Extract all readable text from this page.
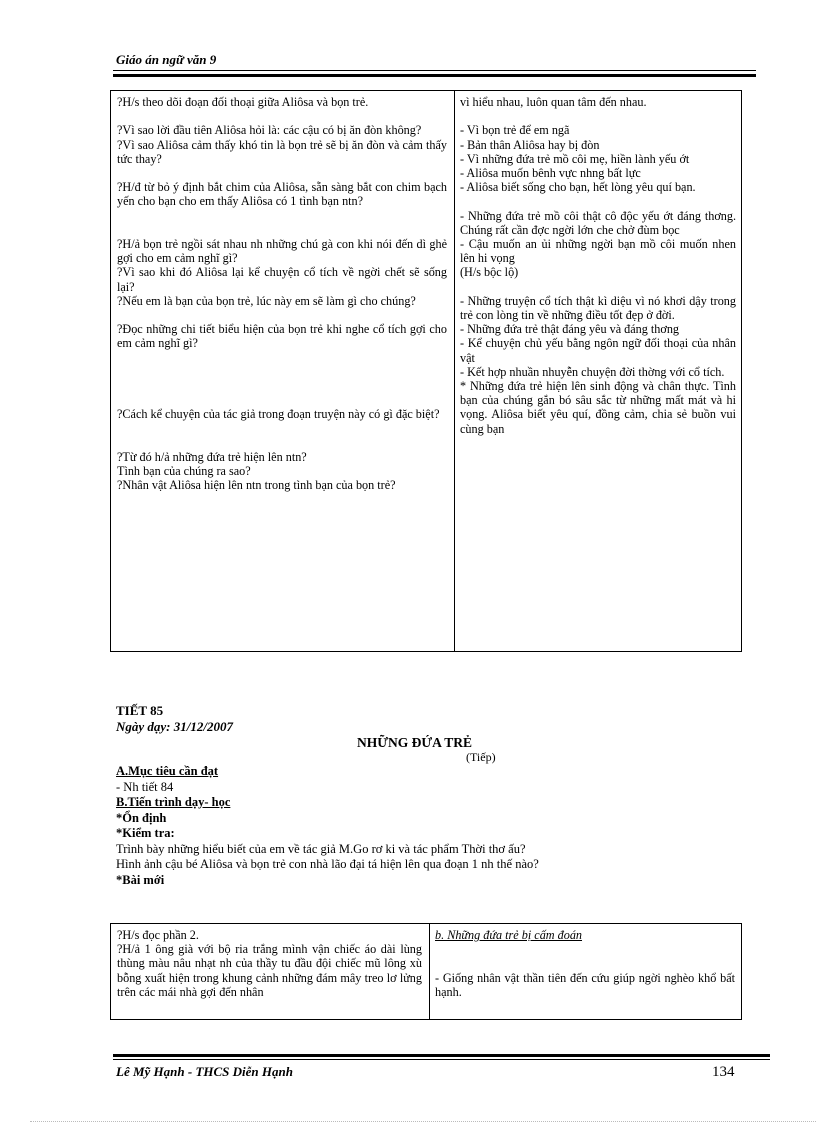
Giáo án ngữ văn 9

?H/s theo dõi đoạn đối thoại giữa Aliôsa và bọn trẻ.

?Vì sao lời đầu tiên Aliôsa hỏi là: các cậu có bị ăn đòn không?

?Vì sao Aliôsa cảm thấy khó tin là bọn trẻ sẽ bị ăn đòn và cảm thấy tức thay?

?H/đ từ bỏ ý định bắt chim của Aliôsa, sẵn sàng bắt con chim bạch yến cho bạn cho em thấy Aliôsa có 1 tình bạn ntn?

?H/ả bọn trẻ ngồi sát nhau nh những chú gà con khi nói đến dì ghẻ gợi cho em cảm nghĩ gì?

?Vì sao khi đó Aliôsa lại kể chuyện cổ tích về ngời chết sẽ sống lại?

?Nếu em là bạn của bọn trẻ, lúc này em sẽ làm gì cho chúng?

?Đọc những chi tiết biểu hiện của bọn trẻ khi nghe cổ tích gợi cho em cảm nghĩ gì?

?Cách kể chuyện của tác giả trong đoạn truyện này có gì đặc biệt?

?Từ đó h/ả những đứa trẻ hiện lên ntn?

Tình bạn của chúng ra sao?

?Nhân vật Aliôsa hiện lên ntn trong tình bạn của bọn trẻ?

vì hiểu nhau, luôn quan tâm đến nhau.

- Vì bọn trẻ để em ngã

- Bản thân Aliôsa hay bị đòn

- Vì những đứa trẻ mồ côi mẹ, hiền lành yếu ớt

- Aliôsa muốn bênh vực nhng bất lực

- Aliôsa biết sống cho bạn, hết lòng yêu quí bạn.

- Những đứa trẻ mồ côi thật cô độc yếu ớt đáng thơng. Chúng rất cần đợc ngời lớn che chở đùm bọc

- Cậu muốn an ủi những ngời bạn mồ côi muốn nhen lên hi vọng

(H/s bộc lộ)

- Những truyện cổ tích thật kì diệu vì nó khơi dậy trong trẻ con lòng tin về những điều tốt đẹp ở đời.

- Những đứa trẻ thật đáng yêu và đáng thơng

- Kể chuyện chủ yếu bằng ngôn ngữ đối thoại của nhân vật

- Kết hợp nhuần nhuyễn chuyện đời thờng với cổ tích.

* Những đứa trẻ hiện lên sinh động và chân thực. Tình bạn của chúng gắn bó sâu sắc từ những mất mát và hi vọng. Aliôsa biết yêu quí, đồng cảm, chia sẻ buồn vui cùng bạn

TIẾT 85
Ngày dạy: 31/12/2007
NHỮNG ĐỨA TRẺ
(Tiếp)
A.Mục tiêu cần đạt
- Nh tiết 84
B.Tiến trình dạy- học
*Ổn định
*Kiểm tra:
Trình bày những hiểu biết của em về tác giả M.Go rơ ki và tác phẩm Thời thơ ấu?
Hình ảnh cậu bé Aliôsa và bọn trẻ con nhà lão đại tá hiện lên qua đoạn 1 nh thế nào?
*Bài mới

?H/s đọc phần 2.

?H/ả 1 ông già với bộ ria trắng mình vận chiếc áo dài lùng thùng màu nâu nhạt nh của thầy tu đầu đội chiếc mũ lông xù bỗng xuất hiện trong khung cảnh những đám mây treo lơ lửng trên các mái nhà gợi đến nhân

b. Những đứa trẻ bị cấm đoán

- Giống nhân vật thần tiên đến cứu giúp ngời nghèo khổ bất hạnh.

Lê Mỹ Hạnh - THCS Diễn Hạnh	134
